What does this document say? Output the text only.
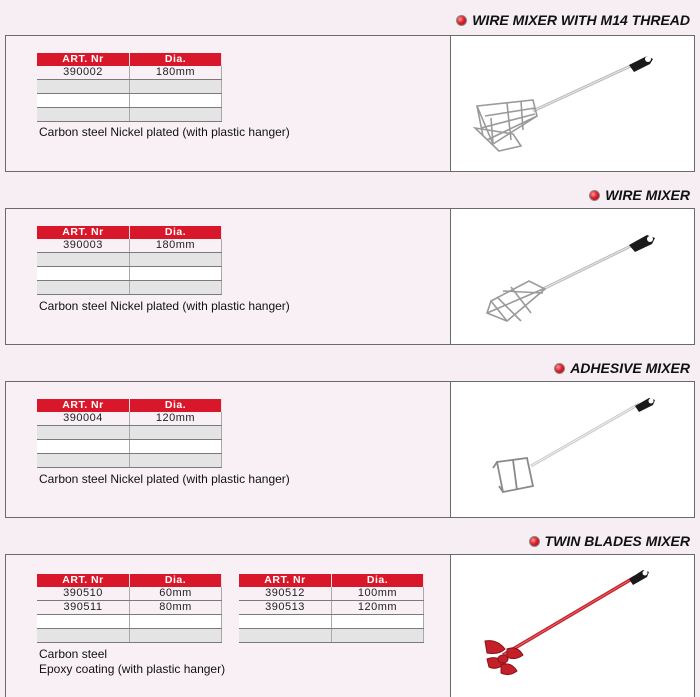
WIRE MIXER WITH M14 THREAD
ART. Nr	Dia.
390002	180mm

Carbon steel Nickel plated (with plastic hanger)
WIRE MIXER
ART. Nr	Dia.
390003	180mm

Carbon steel Nickel plated (with plastic hanger)
ADHESIVE MIXER
ART. Nr	Dia.
390004	120mm

Carbon steel Nickel plated (with plastic hanger)
TWIN BLADES MIXER
ART. Nr	Dia.
390510	60mm
390511	80mm

ART. Nr	Dia.
390512	100mm
390513	120mm

Carbon steel
Epoxy coating (with plastic hanger)
